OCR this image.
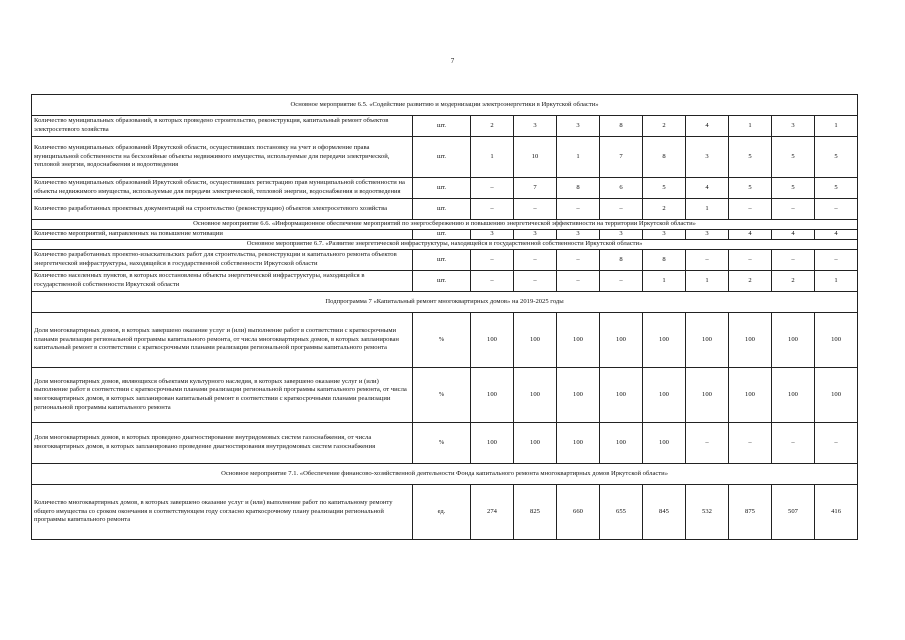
7
Основное мероприятие 6.5. «Содействие развитию и модернизации электроэнергетики в Иркутской области»										
Количество муниципальных образований, в которых проведено строительство, реконструкция, капитальный ремонт объектов электросетевого хозяйства	шт.	2	3	3	8	2	4	1	3	1
Количество муниципальных образований Иркутской области, осуществивших постановку на учет и оформление права муниципальной собственности на бесхозяйные объекты недвижимого имущества, используемые для передачи электрической, тепловой энергии, водоснабжения и водоотведения	шт.	1	10	1	7	8	3	5	5	5
Количество муниципальных образований Иркутской области, осуществивших регистрацию прав муниципальной собственности на объекты недвижимого имущества, используемые для передачи электрической, тепловой энергии, водоснабжения и водоотведения	шт.	–	7	8	6	5	4	5	5	5
Количество разработанных проектных документаций на строительство (реконструкцию) объектов электросетевого хозяйства	шт.	–	–	–	–	2	1	–	–	–
Основное мероприятие 6.6. «Информационное обеспечение мероприятий по энергосбережению и повышению энергетической эффективности на территории Иркутской области»										
Количество мероприятий, направленных на повышение мотивации	шт.	3	3	3	3	3	3	4	4	4
Основное мероприятие 6.7. «Развитие энергетической инфраструктуры, находящейся в государственной собственности Иркутской области»										
Количество разработанных проектно-изыскательских работ для строительства, реконструкции и капитального ремонта объектов энергетической инфраструктуры, находящейся в государственной собственности Иркутской области	шт.	–	–	–	8	8	–	–	–	–
Количество населенных пунктов, в которых восстановлены объекты энергетической инфраструктуры, находящейся в государственной собственности Иркутской области	шт.	–	–	–	–	1	1	2	2	1
Подпрограмма 7 «Капитальный ремонт многоквартирных домов» на 2019-2025 годы										
Доля многоквартирных домов, в которых завершено оказание услуг и (или) выполнение работ в соответствии с краткосрочными планами реализации региональной программы капитального ремонта, от числа многоквартирных домов, в которых запланирован капитальный ремонт в соответствии с краткосрочными планами реализации региональной программы капитального ремонта	%	100	100	100	100	100	100	100	100	100
Доля многоквартирных домов, являющихся объектами культурного наследия, в которых завершено оказание услуг и (или) выполнение работ в соответствии с краткосрочными планами реализации региональной программы капитального ремонта, от числа многоквартирных домов, в которых запланирован капитальный ремонт в соответствии с краткосрочными планами реализации региональной программы капитального ремонта	%	100	100	100	100	100	100	100	100	100
Доля многоквартирных домов, в которых проведено диагностирование внутридомовых систем газоснабжения, от числа многоквартирных домов, в которых запланировано проведение диагностирования внутридомовых систем газоснабжения	%	100	100	100	100	100	–	–	–	–
Основное мероприятие 7.1. «Обеспечение финансово-хозяйственной деятельности Фонда капитального ремонта многоквартирных домов Иркутской области»										
Количество многоквартирных домов, в которых завершено оказание услуг и (или) выполнение работ по капитальному ремонту общего имущества со сроком окончания в соответствующем году согласно краткосрочному плану реализации региональной программы капитального ремонта	ед.	274	825	660	655	845	532	875	507	416
